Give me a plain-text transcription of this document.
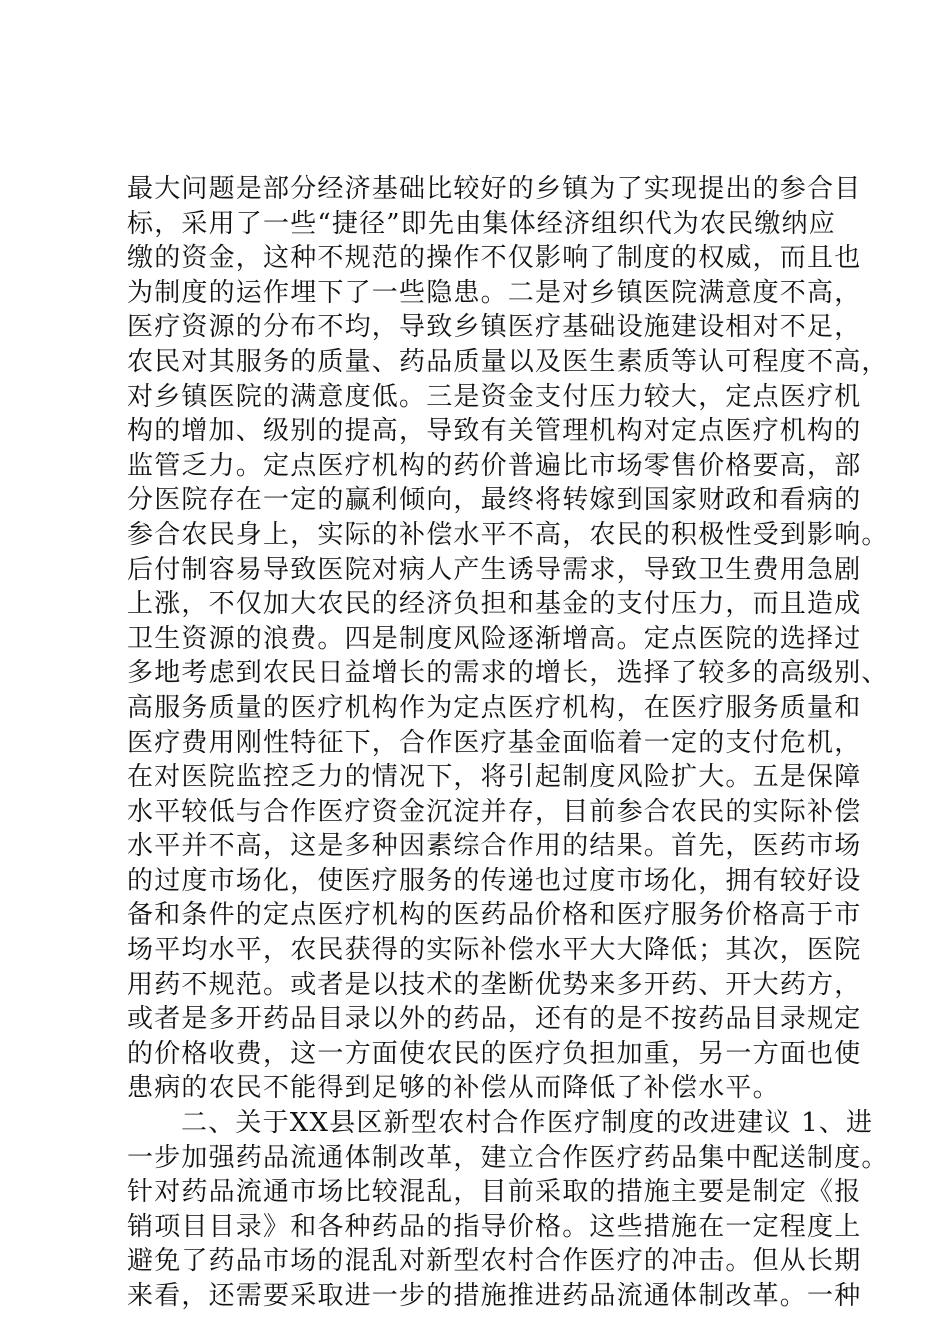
最大问题是部分经济基础比较好的乡镇为了实现提出的参合目
标，采用了一些“捷径”即先由集体经济组织代为农民缴纳应
缴的资金，这种不规范的操作不仅影响了制度的权威，而且也
为制度的运作埋下了一些隐患。二是对乡镇医院满意度不高，
医疗资源的分布不均，导致乡镇医疗基础设施建设相对不足，
农民对其服务的质量、药品质量以及医生素质等认可程度不高，
对乡镇医院的满意度低。三是资金支付压力较大，定点医疗机
构的增加、级别的提高，导致有关管理机构对定点医疗机构的
监管乏力。定点医疗机构的药价普遍比市场零售价格要高，部
分医院存在一定的赢利倾向，最终将转嫁到国家财政和看病的
参合农民身上，实际的补偿水平不高，农民的积极性受到影响。
后付制容易导致医院对病人产生诱导需求，导致卫生费用急剧
上涨，不仅加大农民的经济负担和基金的支付压力，而且造成
卫生资源的浪费。四是制度风险逐渐增高。定点医院的选择过
多地考虑到农民日益增长的需求的增长，选择了较多的高级别、
高服务质量的医疗机构作为定点医疗机构，在医疗服务质量和
医疗费用刚性特征下，合作医疗基金面临着一定的支付危机，
在对医院监控乏力的情况下，将引起制度风险扩大。五是保障
水平较低与合作医疗资金沉淀并存，目前参合农民的实际补偿
水平并不高，这是多种因素综合作用的结果。首先，医药市场
的过度市场化，使医疗服务的传递也过度市场化，拥有较好设
备和条件的定点医疗机构的医药品价格和医疗服务价格高于市
场平均水平，农民获得的实际补偿水平大大降低；其次，医院
用药不规范。或者是以技术的垄断优势来多开药、开大药方，
或者是多开药品目录以外的药品，还有的是不按药品目录规定
的价格收费，这一方面使农民的医疗负担加重，另一方面也使
患病的农民不能得到足够的补偿从而降低了补偿水平。
二、关于XX县区新型农村合作医疗制度的改进建议 1、进
一步加强药品流通体制改革，建立合作医疗药品集中配送制度。
针对药品流通市场比较混乱，目前采取的措施主要是制定《报
销项目目录》和各种药品的指导价格。这些措施在一定程度上
避免了药品市场的混乱对新型农村合作医疗的冲击。但从长期
来看，还需要采取进一步的措施推进药品流通体制改革。一种
